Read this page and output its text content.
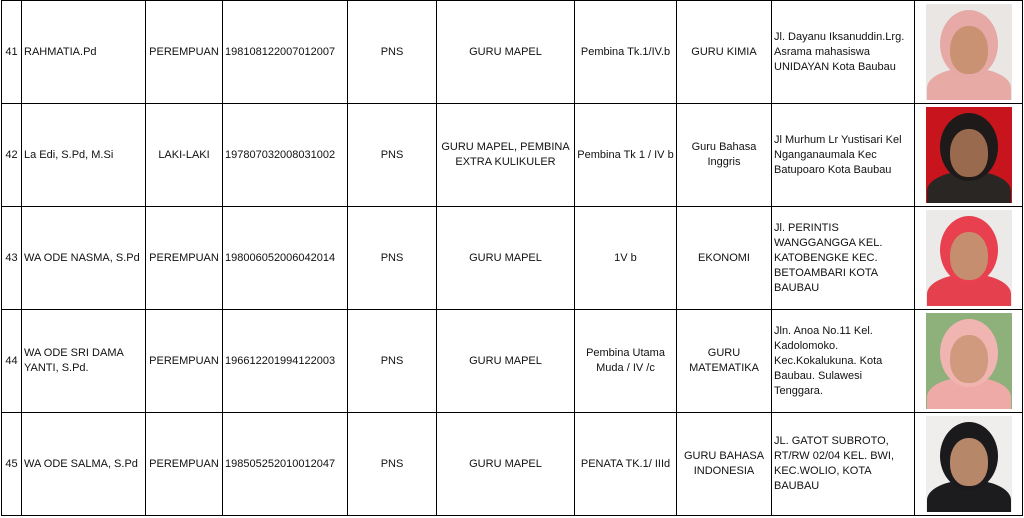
41	RAHMATIA.Pd	PEREMPUAN	198108122007012007	PNS	GURU MAPEL	Pembina Tk.1/IV.b	GURU KIMIA	Jl. Dayanu Iksanuddin.Lrg. Asrama mahasiswa UNIDAYAN Kota Baubau	

42	La Edi, S.Pd, M.Si	LAKI-LAKI	197807032008031002	PNS	GURU MAPEL, PEMBINA EXTRA KULIKULER	Pembina Tk 1 / IV b	Guru Bahasa Inggris	Jl Murhum Lr Yustisari Kel Nganganaumala Kec Batupoaro Kota Baubau	

43	WA ODE NASMA, S.Pd	PEREMPUAN	198006052006042014	PNS	GURU MAPEL	1V b	EKONOMI	Jl. PERINTIS WANGGANGGA KEL. KATOBENGKE KEC. BETOAMBARI KOTA BAUBAU	

44	WA ODE SRI DAMA YANTI, S.Pd.	PEREMPUAN	196612201994122003	PNS	GURU MAPEL	Pembina Utama Muda / IV /c	GURU MATEMATIKA	Jln. Anoa No.11 Kel. Kadolomoko. Kec.Kokalukuna. Kota Baubau. Sulawesi Tenggara.	

45	WA ODE SALMA, S.Pd	PEREMPUAN	198505252010012047	PNS	GURU MAPEL	PENATA TK.1/ IIId	GURU BAHASA INDONESIA	JL. GATOT SUBROTO, RT/RW 02/04 KEL. BWI, KEC.WOLIO, KOTA BAUBAU	
